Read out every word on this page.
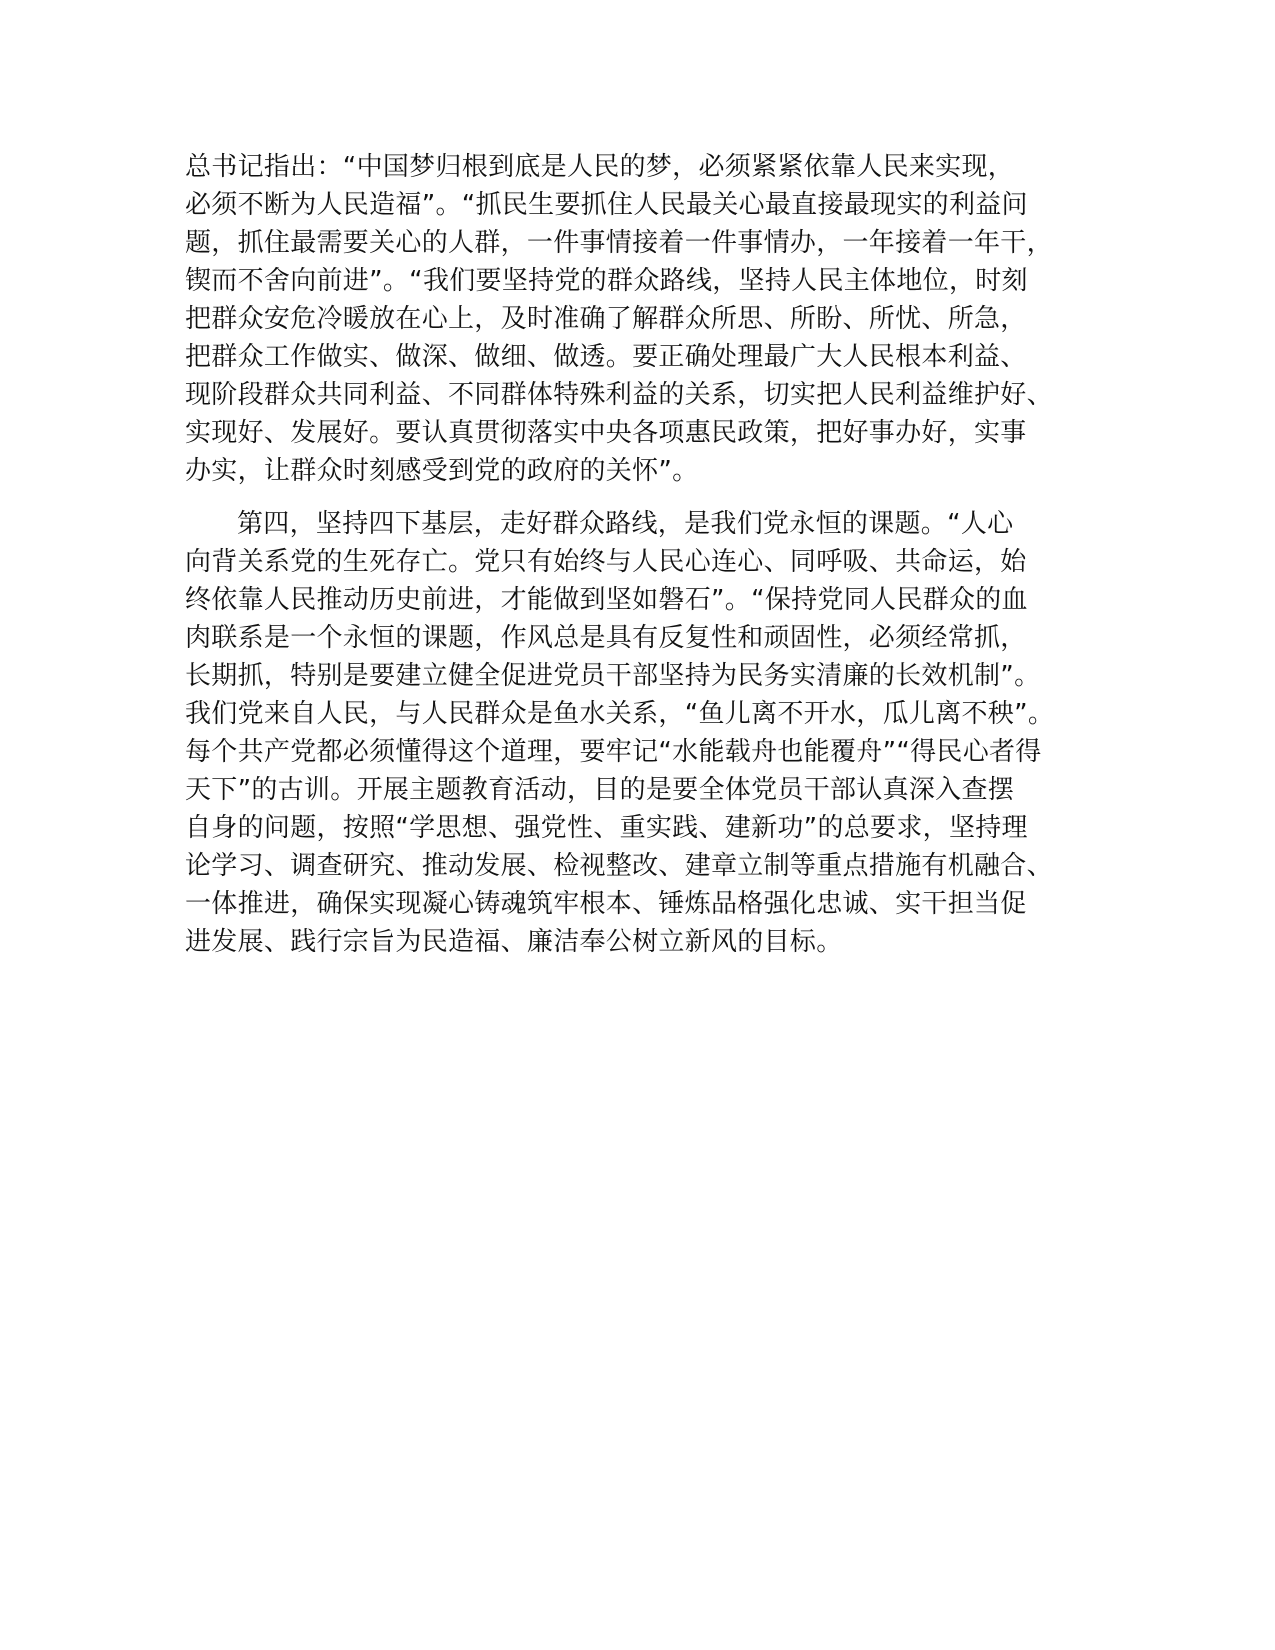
总书记指出：“中国梦归根到底是人民的梦，必须紧紧依靠人民来实现，
必须不断为人民造福”。“抓民生要抓住人民最关心最直接最现实的利益问
题，抓住最需要关心的人群，一件事情接着一件事情办，一年接着一年干，
锲而不舍向前进”。“我们要坚持党的群众路线，坚持人民主体地位，时刻
把群众安危冷暖放在心上，及时准确了解群众所思、所盼、所忧、所急，
把群众工作做实、做深、做细、做透。要正确处理最广大人民根本利益、
现阶段群众共同利益、不同群体特殊利益的关系，切实把人民利益维护好、
实现好、发展好。要认真贯彻落实中央各项惠民政策，把好事办好，实事
办实，让群众时刻感受到党的政府的关怀”。
第四，坚持四下基层，走好群众路线，是我们党永恒的课题。“人心
向背关系党的生死存亡。党只有始终与人民心连心、同呼吸、共命运，始
终依靠人民推动历史前进，才能做到坚如磐石”。“保持党同人民群众的血
肉联系是一个永恒的课题，作风总是具有反复性和顽固性，必须经常抓，
长期抓，特别是要建立健全促进党员干部坚持为民务实清廉的长效机制”。
我们党来自人民，与人民群众是鱼水关系，“鱼儿离不开水，瓜儿离不秧”。
每个共产党都必须懂得这个道理，要牢记“水能载舟也能覆舟”“得民心者得
天下”的古训。开展主题教育活动，目的是要全体党员干部认真深入查摆
自身的问题，按照“学思想、强党性、重实践、建新功”的总要求，坚持理
论学习、调查研究、推动发展、检视整改、建章立制等重点措施有机融合、
一体推进，确保实现凝心铸魂筑牢根本、锤炼品格强化忠诚、实干担当促
进发展、践行宗旨为民造福、廉洁奉公树立新风的目标。
